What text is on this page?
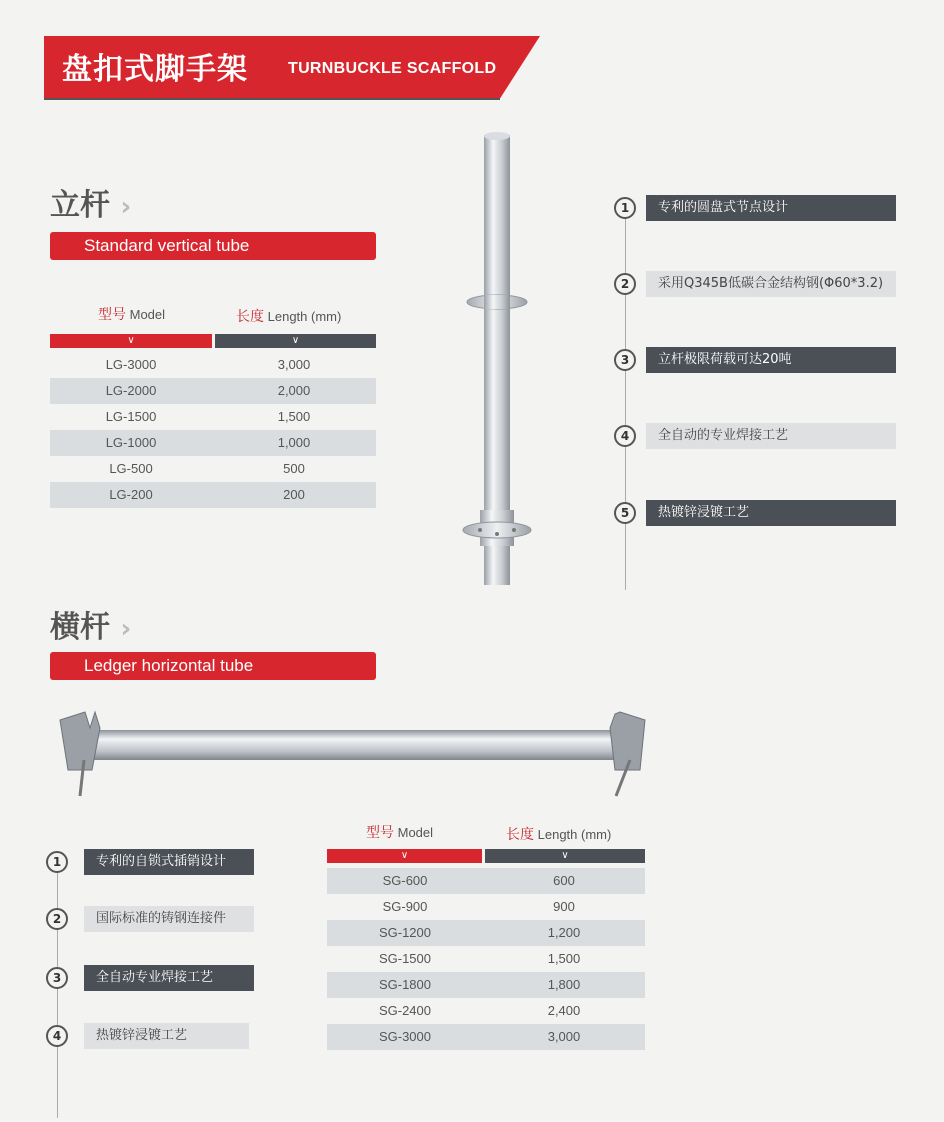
盘扣式脚手架	TURNBUCKLE SCAFFOLD
立杆 ›
Standard vertical tube
型号 Model	长度 Length (mm)
∨	∨
LG-3000	3,000
LG-2000	2,000
LG-1500	1,500
LG-1000	1,000
LG-500	500
LG-200	200
1	专利的圆盘式节点设计
2	采用Q345B低碳合金结构钢(Φ60*3.2)
3	立杆极限荷载可达20吨
4	全自动的专业焊接工艺
5	热镀锌浸镀工艺
横杆 ›
Ledger horizontal tube
1	专利的自锁式插销设计
2	国际标准的铸钢连接件
3	全自动专业焊接工艺
4	热镀锌浸镀工艺
型号 Model	长度 Length (mm)
∨	∨
SG-600	600
SG-900	900
SG-1200	1,200
SG-1500	1,500
SG-1800	1,800
SG-2400	2,400
SG-3000	3,000
